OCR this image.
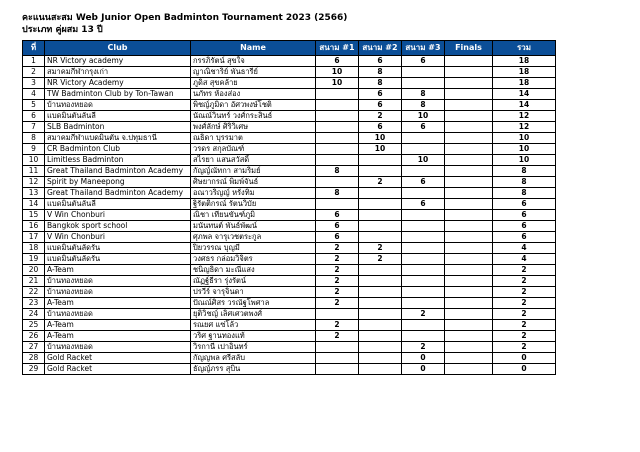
คะแนนสะสม Web Junior Open Badminton Tournament 2023 (2566)
ประเภท คู่ผสม 13 ปี
ที่	Club	Name	สนาม #1	สนาม #2	สนาม #3	Finals	รวม
1	NR Victory academy	กรรภิรัตน์ สุขใจ	6	6	6		18
2	สมาคมกีฬากรุงเก่า	ญาณิชาริย์ พันธารีย์	10	8			18
3	NR Victory Academy	ภูดิส สุขคล้าย	10	8			18
4	TW Badminton Club by Ton-Tawan	นภัทร ห้องส่อง		6	8		14
5	บ้านทองหยอด	พิชญ์ภูมิดา อัศวพงษ์โชติ		6	8		14
6	แบดมินตันลันลี	นัณณ์วินทร์ วงศ์กระสินธ์		2	10		12
7	SLB Badminton	พงศ์ลักษ์ ศิริวิเศษ		6	6		12
8	สมาคมกีฬาแบดมินตัน จ.ปทุมธานี	ณธิดา บุรรมาต		10			10
9	CR Badminton Club	วรดร สกุลบัณฑ์		10			10
10	Limitless Badminton	สไรยา แสนสวัสดิ์			10		10
11	Great Thailand Badminton Academy	กัญญ์ณัทกา สามริมย์	8				8
12	Spirit by Maneepong	ศิษยากรณ์ พิมพ์จันธ์		2	6		8
13	Great Thailand Badminton Academy	อณาวริญญ์ หรั่งทิม	8				8
14	แบดมินตันลันลี	ฐิรัตติกรณ์ รัตนวิบัย			6		6
15	V Win Chonburi	ณิชา เทียนขันฑ์ภูมิ	6				6
16	Bangkok sport school	มนันทนต์ พันธ์พัฒน์	6				6
17	V Win Chonburi	ศุภพล จารุเวชตระกูล	6				6
18	แบดมินตันลัดรัน	ปิยวรรณ บุญมี	2	2			4
19	แบดมินตันลัดรัน	วงศธร กล่อมวิจิตร	2	2			4
20	A-Team	ชนิญธิดา มะณีแสง	2				2
21	บ้านทองหยอด	ณัฏฐ์ธีรา รุ่งรัตน์	2				2
22	บ้านทองหยอด	ปรวีร์ จารุจินดา	2				2
23	A-Team	ปัณณ์ศิสร วรณัฐโพศาล	2				2
24	บ้านทองหยอด	ยุติวิชญ์ เลิศเศวตพงศ์			2		2
25	A-Team	รณยศ แซ่โล้ว	2				2
26	A-Team	วริศ ฐานทองแท้	2				2
27	บ้านทองหยอด	วิรกานี เปาอินทร์			2		2
28	Gold Racket	กัญญพล ศรีสลับ			0		0
29	Gold Racket	ธัญญ์ภรร สุบิน			0		0
